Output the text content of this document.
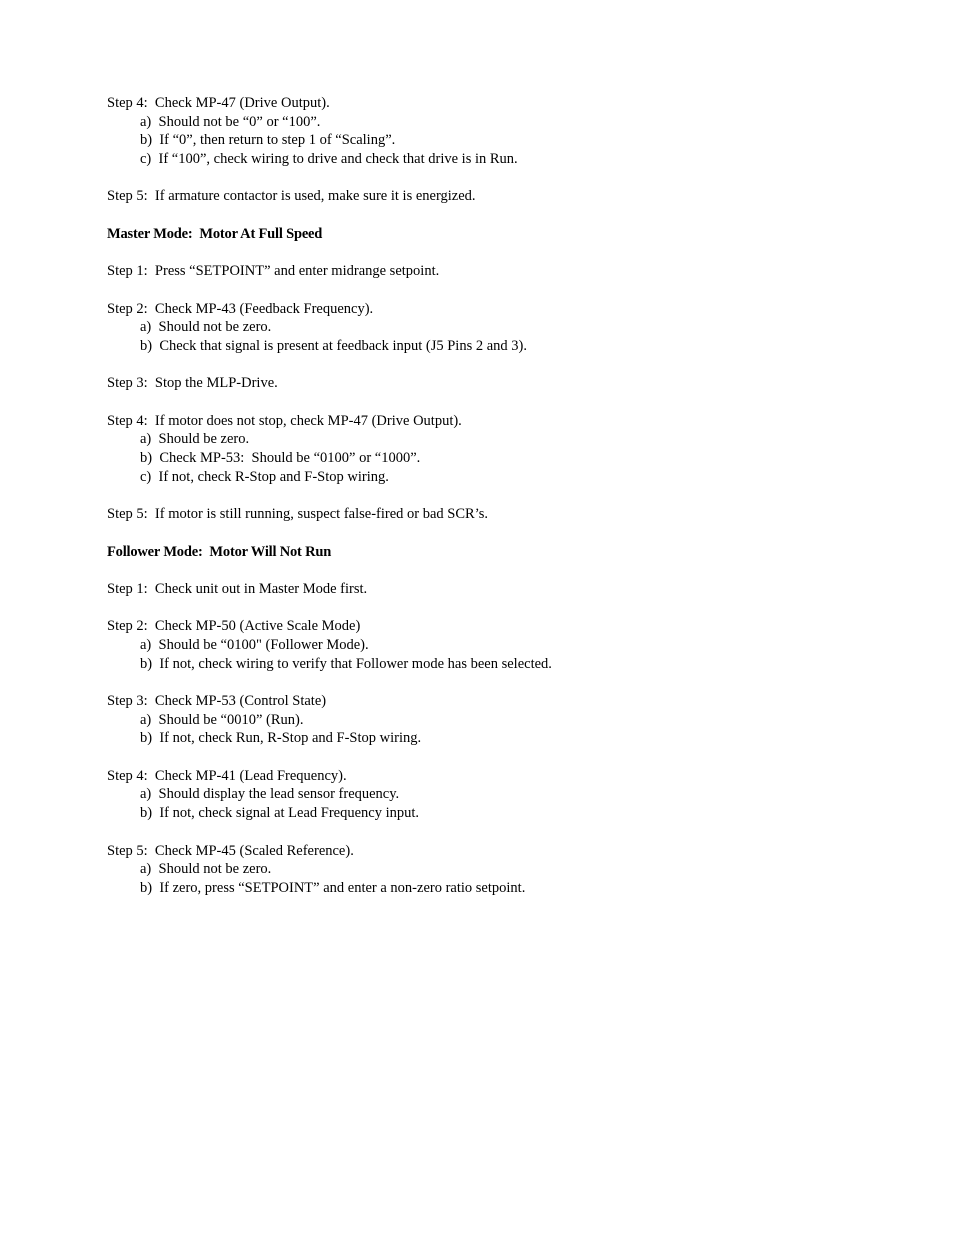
Step 4:  Check MP-47 (Drive Output).
a)  Should not be “0” or “100”.
b)  If “0”, then return to step 1 of “Scaling”.
c)  If “100”, check wiring to drive and check that drive is in Run.
Step 5:  If armature contactor is used, make sure it is energized.
Master Mode:  Motor At Full Speed
Step 1:  Press “SETPOINT” and enter midrange setpoint.
Step 2:  Check MP-43 (Feedback Frequency).
a)  Should not be zero.
b)  Check that signal is present at feedback input (J5 Pins 2 and 3).
Step 3:  Stop the MLP-Drive.
Step 4:  If motor does not stop, check MP-47 (Drive Output).
a)  Should be zero.
b)  Check MP-53:  Should be “0100” or “1000”.
c)  If not, check R-Stop and F-Stop wiring.
Step 5:  If motor is still running, suspect false-fired or bad SCR’s.
Follower Mode:  Motor Will Not Run
Step 1:  Check unit out in Master Mode first.
Step 2:  Check MP-50 (Active Scale Mode)
a)  Should be “0100" (Follower Mode).
b)  If not, check wiring to verify that Follower mode has been selected.
Step 3:  Check MP-53 (Control State)
a)  Should be “0010” (Run).
b)  If not, check Run, R-Stop and F-Stop wiring.
Step 4:  Check MP-41 (Lead Frequency).
a)  Should display the lead sensor frequency.
b)  If not, check signal at Lead Frequency input.
Step 5:  Check MP-45 (Scaled Reference).
a)  Should not be zero.
b)  If zero, press “SETPOINT” and enter a non-zero ratio setpoint.
